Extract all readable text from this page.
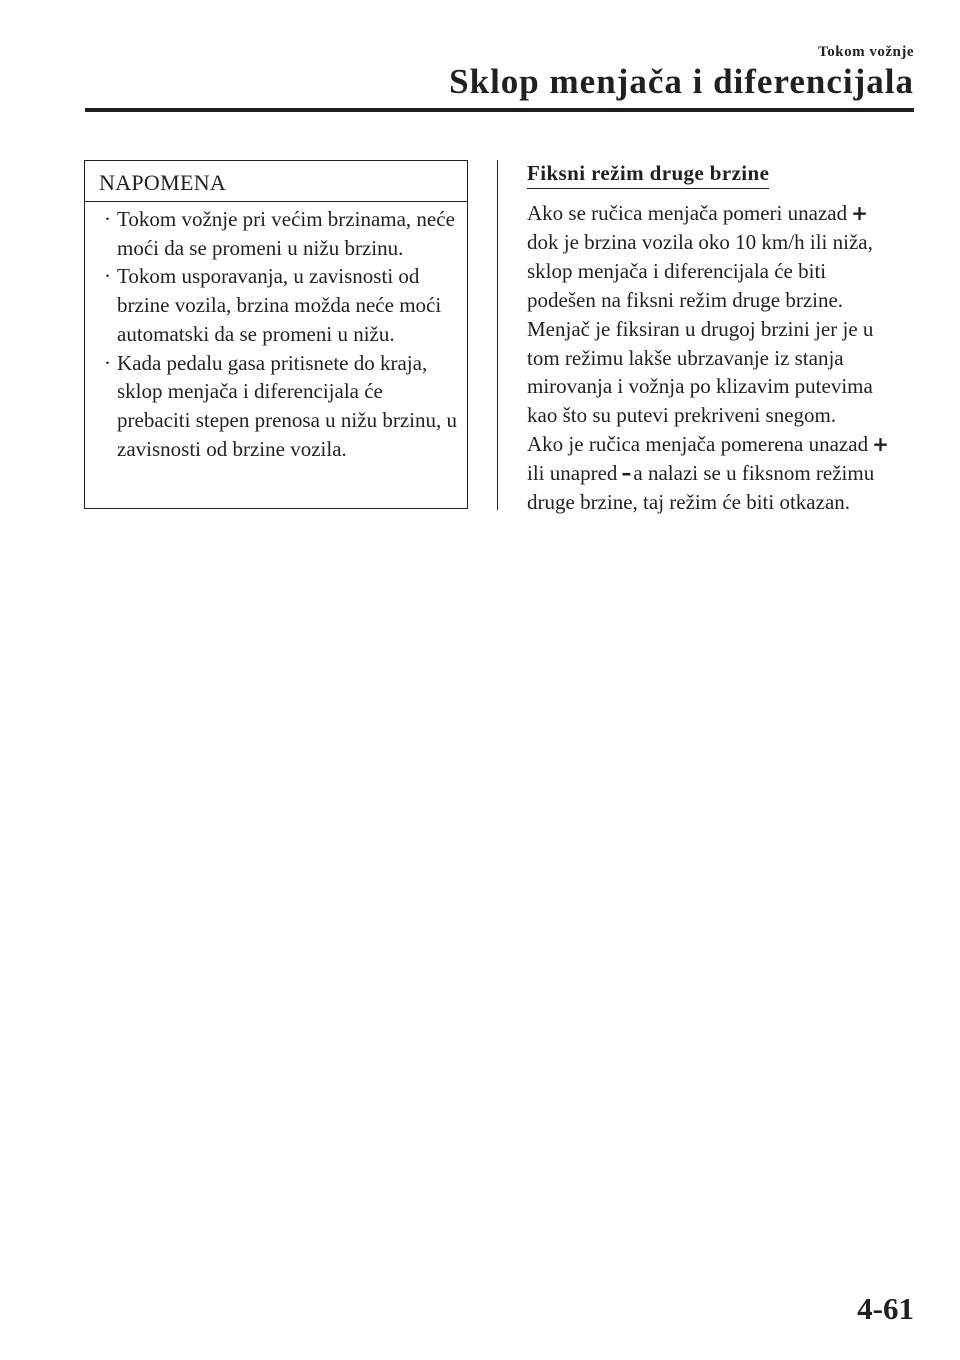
Tokom vožnje
Sklop menjača i diferencijala
NAPOMENA
· Tokom vožnje pri većim brzinama, neće moći da se promeni u nižu brzinu.
· Tokom usporavanja, u zavisnosti od brzine vozila, brzina možda neće moći automatski da se promeni u nižu.
· Kada pedalu gasa pritisnete do kraja, sklop menjača i diferencijala će prebaciti stepen prenosa u nižu brzinu, u zavisnosti od brzine vozila.
Fiksni režim druge brzine

Ako se ručica menjača pomeri unazad +
dok je brzina vozila oko 10 km/h ili niža,
sklop menjača i diferencijala će biti
podešen na fiksni režim druge brzine.
Menjač je fiksiran u drugoj brzini jer je u
tom režimu lakše ubrzavanje iz stanja
mirovanja i vožnja po klizavim putevima
kao što su putevi prekriveni snegom.
Ako je ručica menjača pomerena unazad +
ili unapred –a nalazi se u fiksnom režimu
druge brzine, taj režim će biti otkazan.

4-61
